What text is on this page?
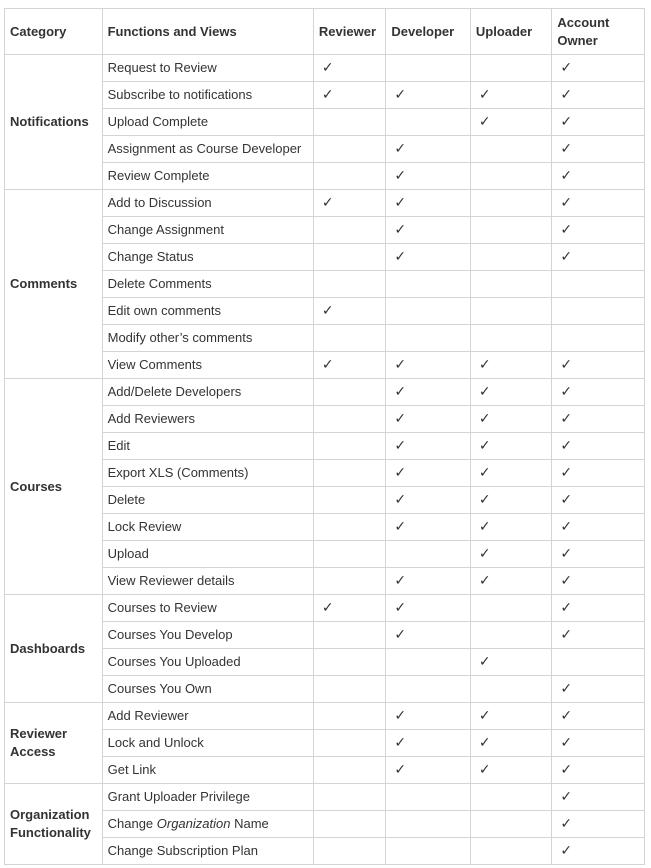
Category	Functions and Views	Reviewer	Developer	Uploader	Account Owner
Notifications	Request to Review	✓			✓
	Subscribe to notifications	✓	✓	✓	✓
	Upload Complete			✓	✓
	Assignment as Course Developer		✓		✓
	Review Complete		✓		✓
Comments	Add to Discussion	✓	✓		✓
	Change Assignment		✓		✓
	Change Status		✓		✓
	Delete Comments				
	Edit own comments	✓			
	Modify other’s comments				
	View Comments	✓	✓	✓	✓
Courses	Add/Delete Developers		✓	✓	✓
	Add Reviewers		✓	✓	✓
	Edit		✓	✓	✓
	Export XLS (Comments)		✓	✓	✓
	Delete		✓	✓	✓
	Lock Review		✓	✓	✓
	Upload			✓	✓
	View Reviewer details		✓	✓	✓
Dashboards	Courses to Review	✓	✓		✓
	Courses You Develop		✓		✓
	Courses You Uploaded			✓	
	Courses You Own				✓
Reviewer Access	Add Reviewer		✓	✓	✓
	Lock and Unlock		✓	✓	✓
	Get Link		✓	✓	✓
Organization Functionality	Grant Uploader Privilege				✓
	Change Organization Name				✓
	Change Subscription Plan				✓
